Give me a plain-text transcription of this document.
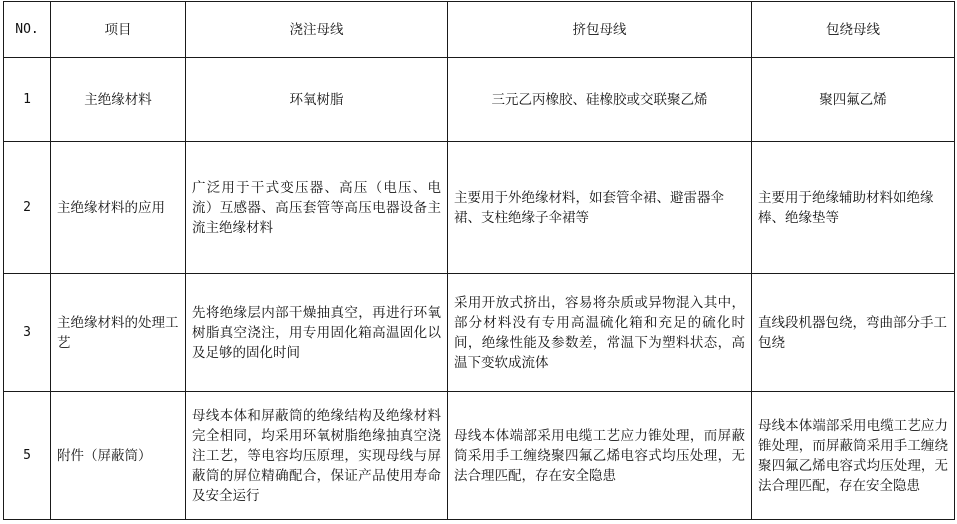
NO.	项目	浇注母线	挤包母线	包绕母线
1	主绝缘材料	环氧树脂	三元乙丙橡胶、硅橡胶或交联聚乙烯	聚四氟乙烯
2	主绝缘材料的应用	广泛用于干式变压器、高压（电压、电流）互感器、高压套管等高压电器设备主流主绝缘材料	主要用于外绝缘材料，如套管伞裙、避雷器伞裙、支柱绝缘子伞裙等	主要用于绝缘辅助材料如绝缘棒、绝缘垫等
3	主绝缘材料的处理工艺	先将绝缘层内部干燥抽真空，再进行环氧树脂真空浇注，用专用固化箱高温固化以及足够的固化时间	采用开放式挤出，容易将杂质或异物混入其中，部分材料没有专用高温硫化箱和充足的硫化时间，绝缘性能及参数差，常温下为塑料状态，高温下变软成流体	直线段机器包绕，弯曲部分手工包绕
5	附件（屏蔽筒）	母线本体和屏蔽筒的绝缘结构及绝缘材料完全相同，均采用环氧树脂绝缘抽真空浇注工艺，等电容均压原理，实现母线与屏蔽筒的屏位精确配合，保证产品使用寿命及安全运行	母线本体端部采用电缆工艺应力锥处理，而屏蔽筒采用手工缠绕聚四氟乙烯电容式均压处理，无法合理匹配，存在安全隐患	母线本体端部采用电缆工艺应力锥处理，而屏蔽筒采用手工缠绕聚四氟乙烯电容式均压处理，无法合理匹配，存在安全隐患
